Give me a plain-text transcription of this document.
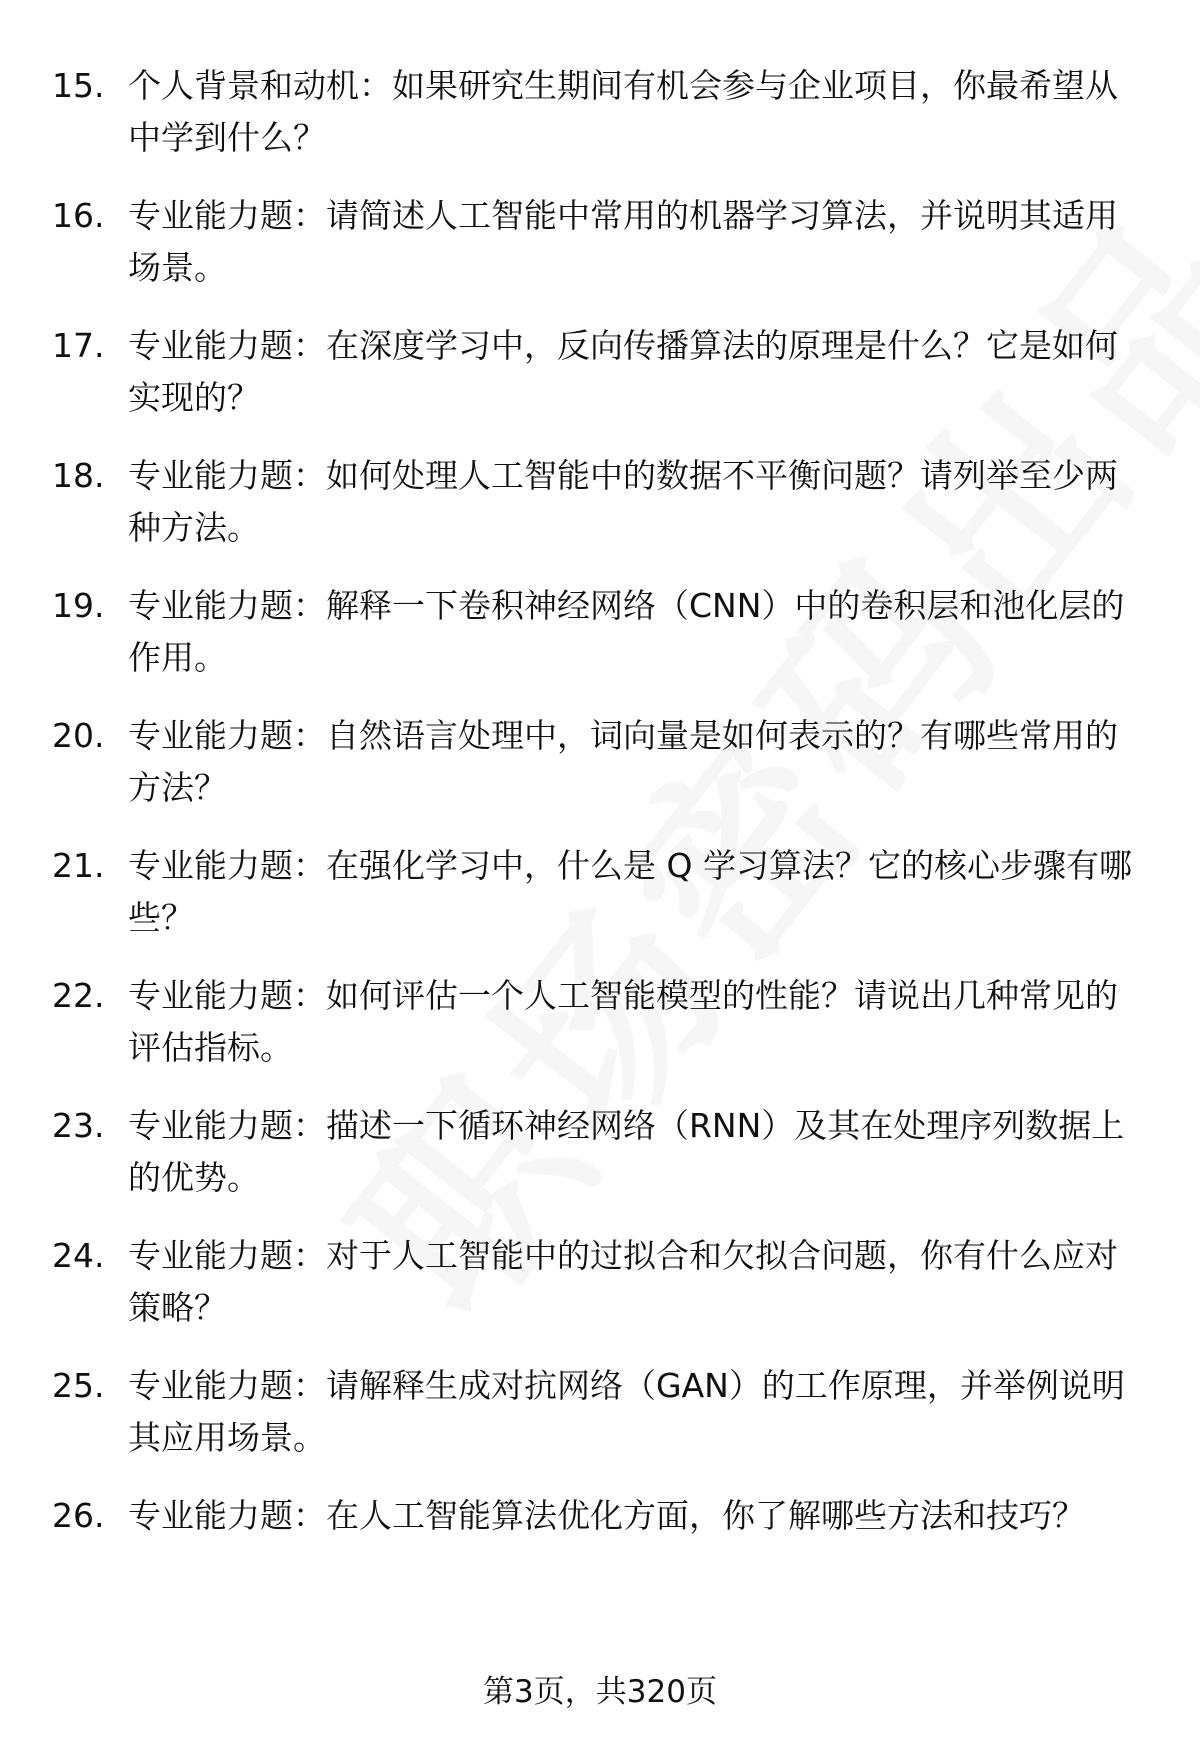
15. 个人背景和动机：如果研究生期间有机会参与企业项目，你最希望从中学到什么？
16. 专业能力题：请简述人工智能中常用的机器学习算法，并说明其适用场景。
17. 专业能力题：在深度学习中，反向传播算法的原理是什么？它是如何实现的？
18. 专业能力题：如何处理人工智能中的数据不平衡问题？请列举至少两种方法。
19. 专业能力题：解释一下卷积神经网络（CNN）中的卷积层和池化层的作用。
20. 专业能力题：自然语言处理中，词向量是如何表示的？有哪些常用的方法？
21. 专业能力题：在强化学习中，什么是 Q 学习算法？它的核心步骤有哪些？
22. 专业能力题：如何评估一个人工智能模型的性能？请说出几种常见的评估指标。
23. 专业能力题：描述一下循环神经网络（RNN）及其在处理序列数据上的优势。
24. 专业能力题：对于人工智能中的过拟合和欠拟合问题，你有什么应对策略？
25. 专业能力题：请解释生成对抗网络（GAN）的工作原理，并举例说明其应用场景。
26. 专业能力题：在人工智能算法优化方面，你了解哪些方法和技巧？
第3页，共320页
